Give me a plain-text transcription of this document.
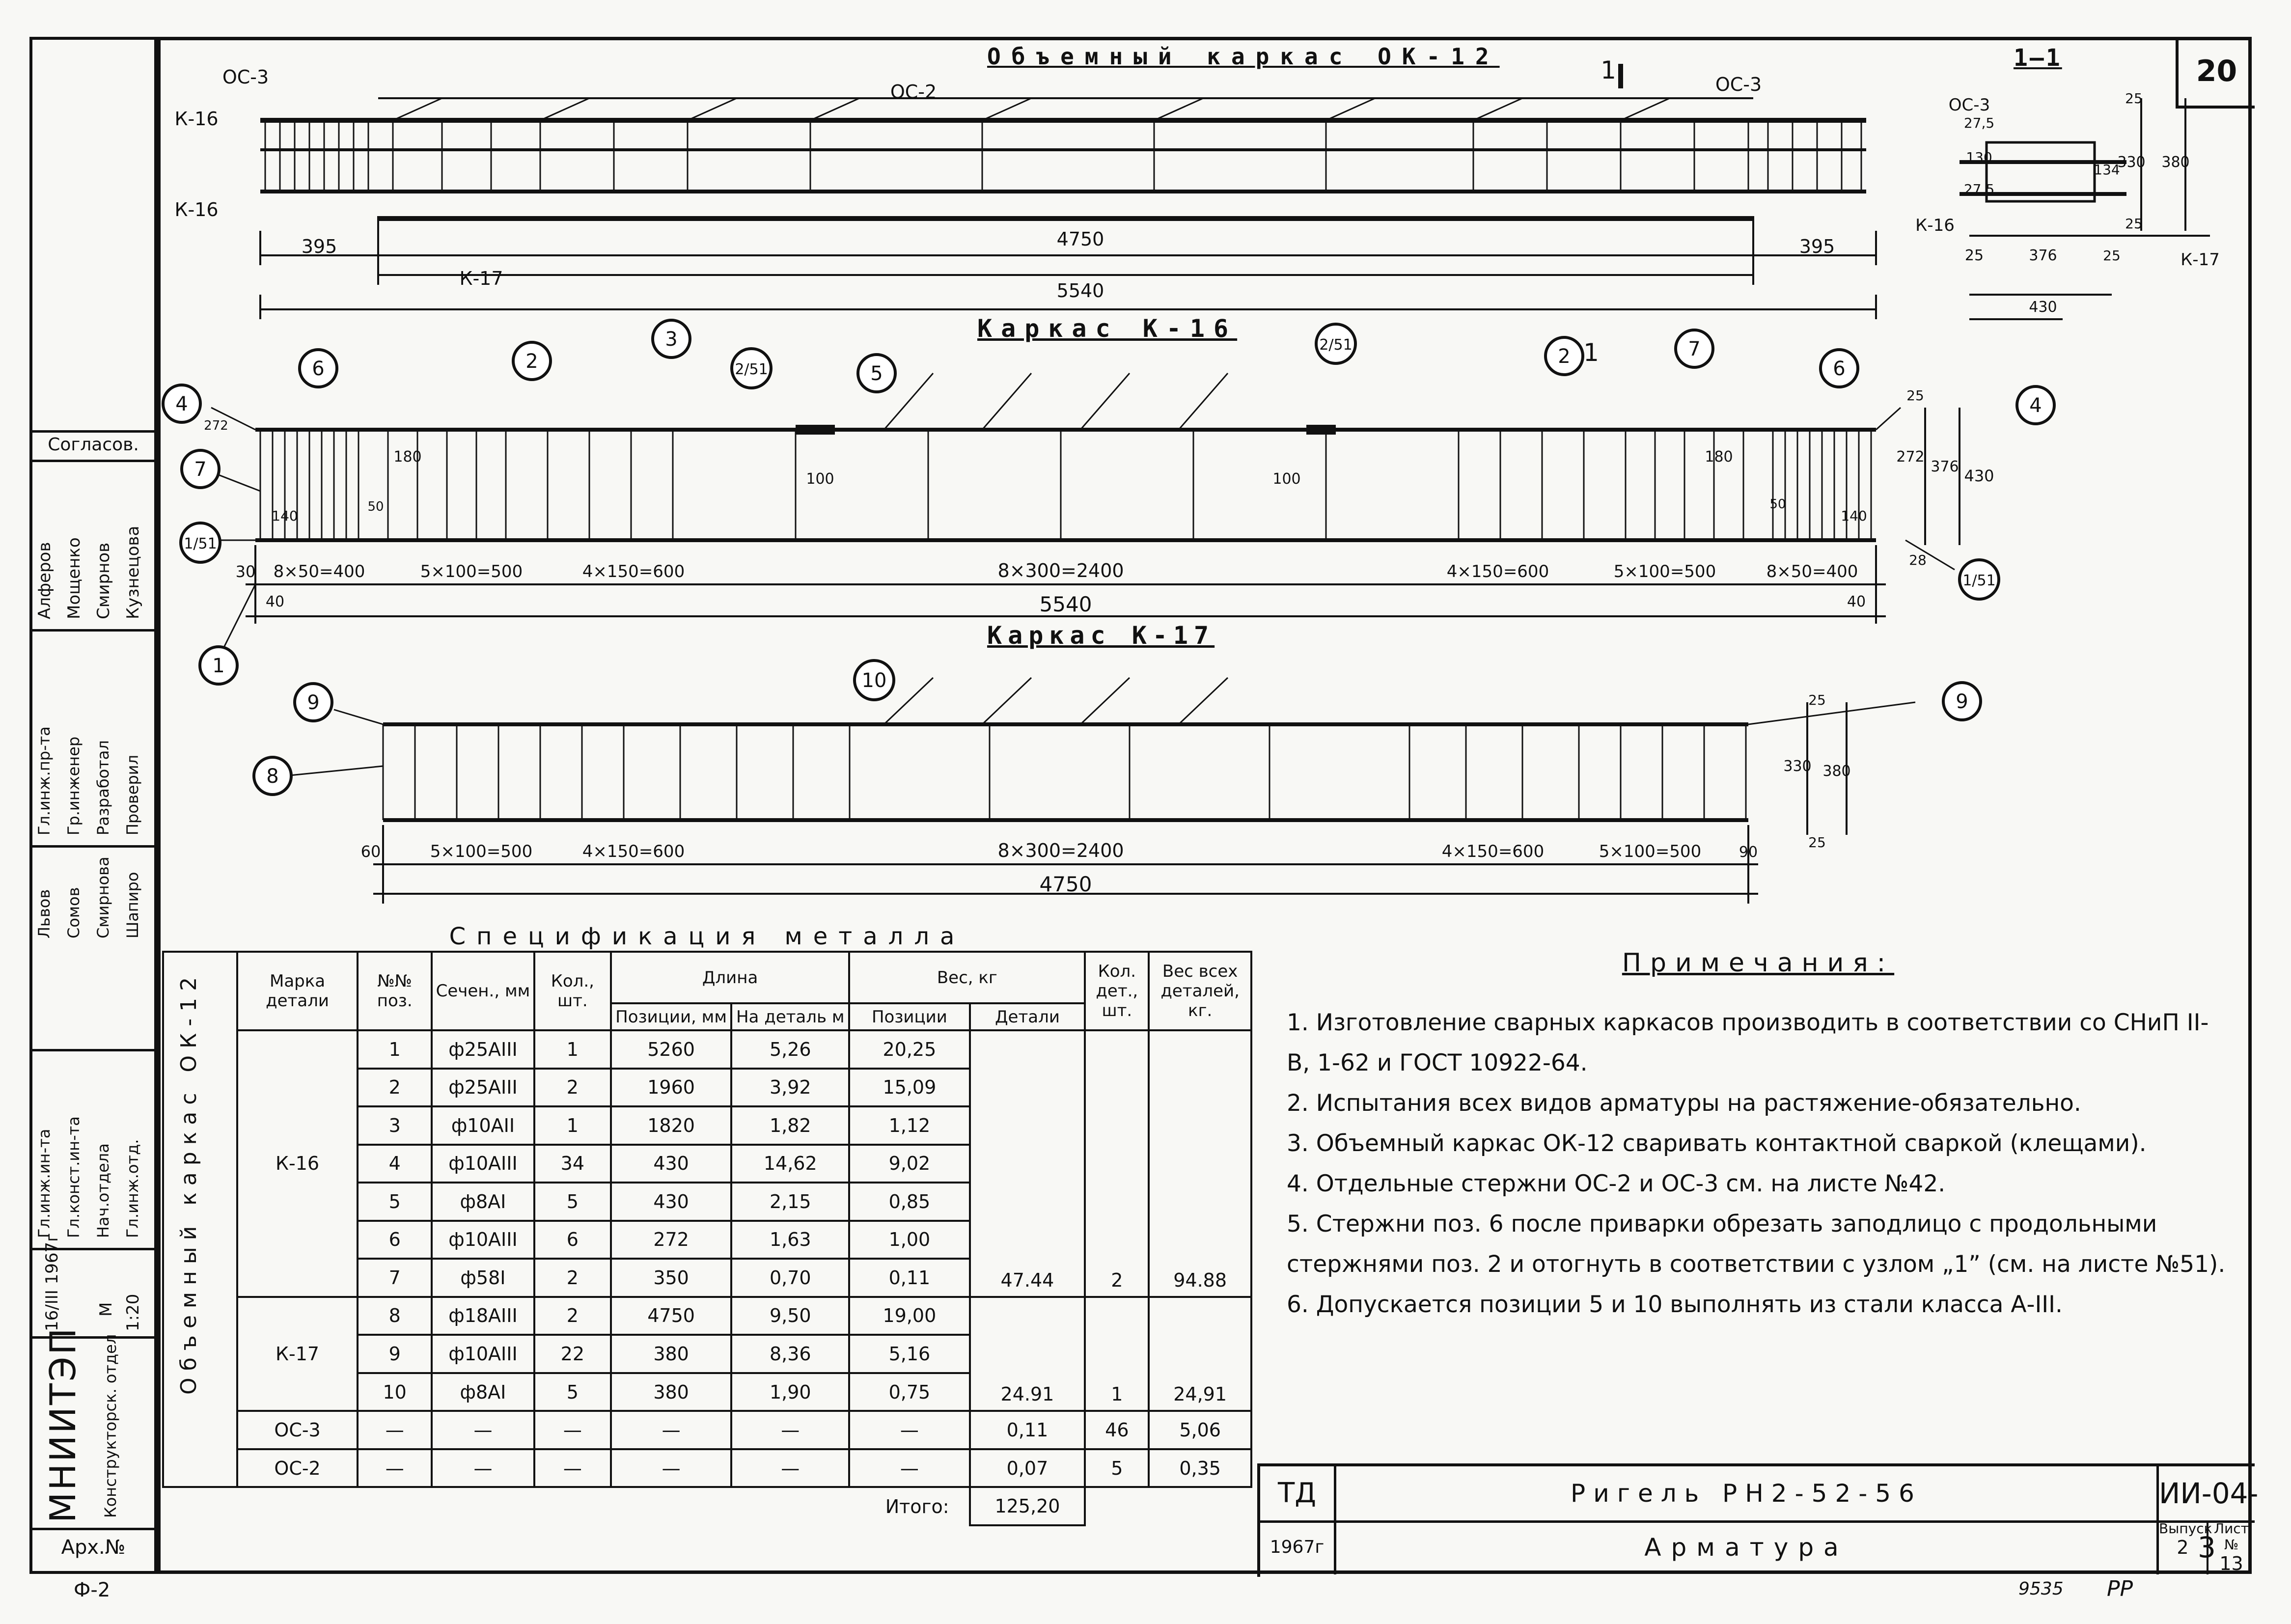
Согласов.
Алферов Мощенко Смирнов Кузнецова
Гл.инж.пр-та Гр.инженер Разработал Проверил
Львов Сомов Смирнова Шапиро
Гл.инж.ин-та Гл.конст.ин-та Нач.отдела Гл.инж.отд.
16/III 1967г М 1:20
МНИИТЭП Конструкторск. отдел
Арх.№
20
6	2
3
2/51	5
2/51
2	7
6
4	4
7
1/51
1/51
1
9
10
9
8
ОС-3
ОС-2	ОС-3
К-16
К-16
К-17
395	4750	395
5540
1
1
ОС-3
К-16
К-17
25
27,5
130
27,5
134
330 380
25
25	376	25
430
30 8×50=400	5×100=500	4×150=600	8×300=2400	4×150=600	5×100=500	8×50=400
40	40
5540
272
180
140
50
100	100
180
50
140
25
272
376 430
28
60	5×100=500	4×150=600	8×300=2400	4×150=600	5×100=500	90
4750
25
330 380
25
Объемный каркас ОК-12	1—1
Каркас К-16
Каркас К-17
Спецификация металла										

Объемный каркас ОК-12	Марка детали	№№ поз.	Сечен., мм	Кол., шт.	Длина		Вес, кг		Кол. дет., шт.	Вес всех деталей, кг.
					Позиции, мм	На деталь м	Позиции	Детали		
	К-16	1	ф25АIII	1	5260	5,26	20,25	47.44	2	94.88
		2	ф25АIII	2	1960	3,92	15,09			
		3	ф10АII	1	1820	1,82	1,12			
		4	ф10АIII	34	430	14,62	9,02			
		5	ф8АI	5	430	2,15	0,85			
		6	ф10АIII	6	272	1,63	1,00			
		7	ф58I	2	350	0,70	0,11			
	К-17	8	ф18АIII	2	4750	9,50	19,00	24.91	1	24,91
		9	ф10АIII	22	380	8,36	5,16			
		10	ф8АI	5	380	1,90	0,75			
	ОС-3	—	—	—	—	—	—	0,11	46	5,06
	ОС-2	—	—	—	—	—	—	0,07	5	0,35
Итого:								125,20		
Примечания:
1. Изготовление сварных каркасов производить в соответствии со СНиП II-В, 1-62 и ГОСТ 10922-64.
2. Испытания всех видов арматуры на растяжение-обязательно.
3. Объемный каркас ОК-12 сваривать контактной сваркой (клещами).
4. Отдельные стержни ОС-2 и ОС-3 см. на листе №42.
5. Стержни поз. 6 после приварки обрезать заподлицо с продольными стержнями поз. 2 и отогнуть в соответствии с узлом „1” (см. на листе №51).
6. Допускается позиции 5 и 10 выполнять из стали класса А-III.
ТД
1967г
Ригель РН2-52-56
Арматура
ИИ-04-3
Выпуск
2
Лист №
13
Ф-2	9535 РР
